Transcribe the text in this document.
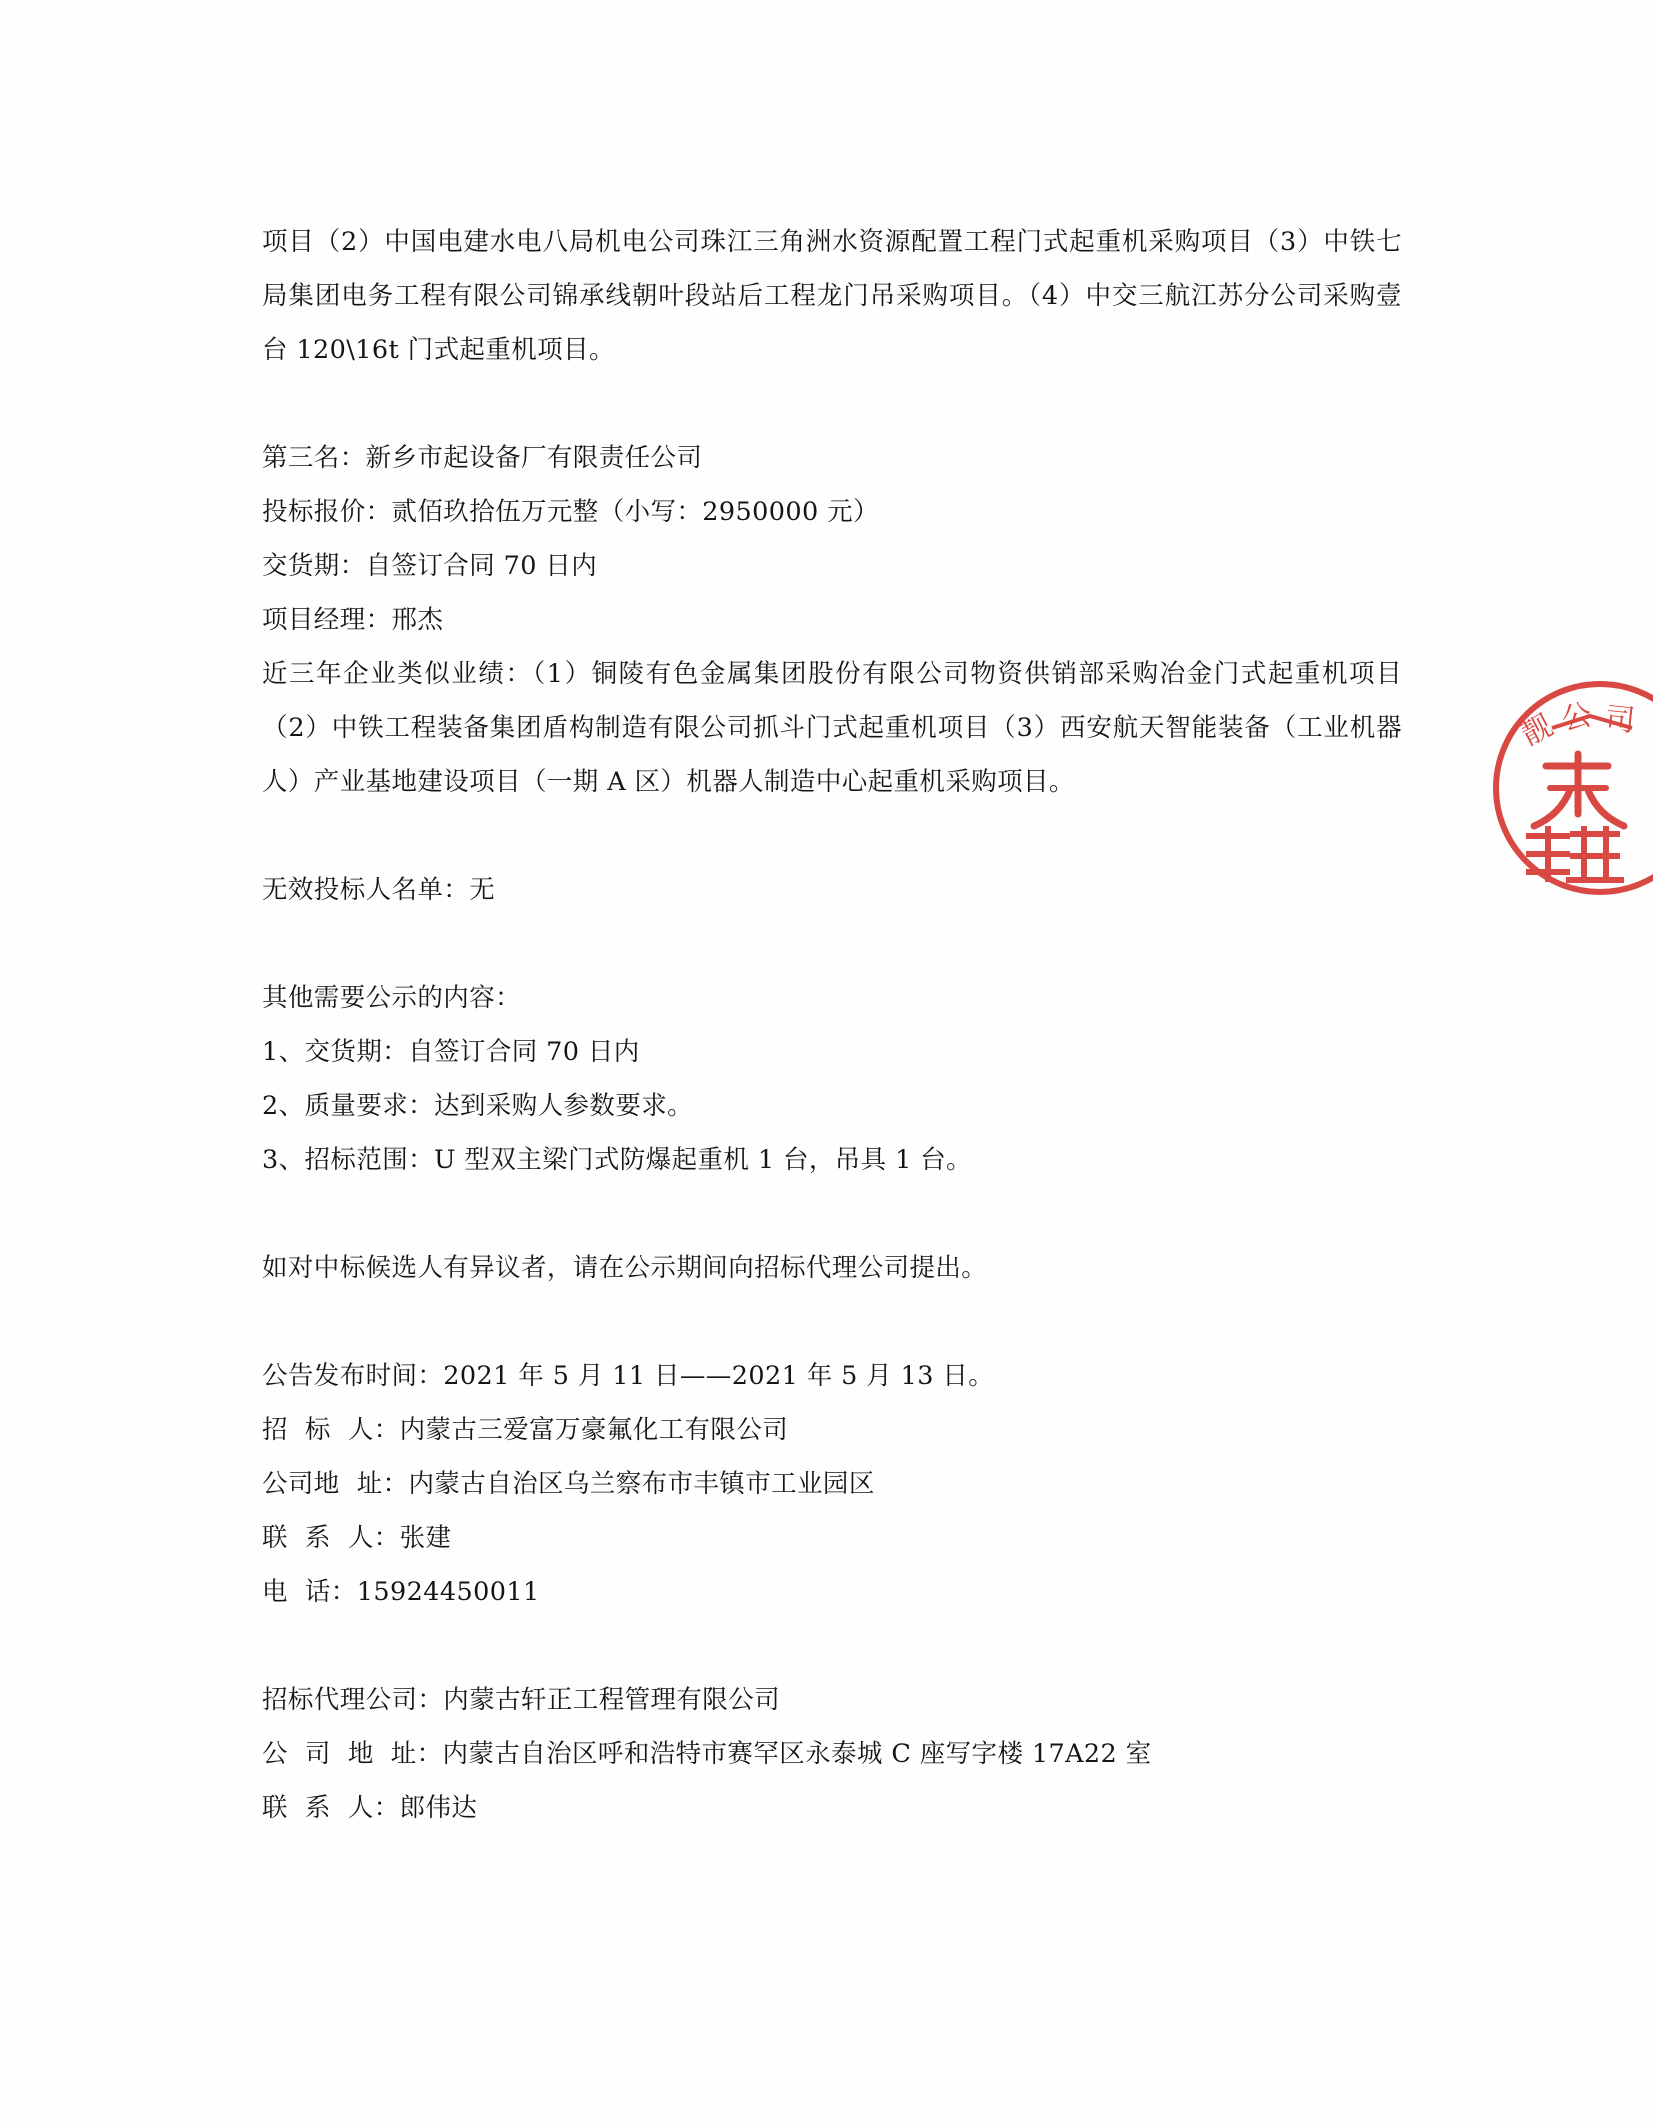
项目（2）中国电建水电八局机电公司珠江三角洲水资源配置工程门式起重机采购项目（3）中铁七局集团电务工程有限公司锦承线朝叶段站后工程龙门吊采购项目。（4）中交三航江苏分公司采购壹台 120\16t 门式起重机项目。

第三名：新乡市起设备厂有限责任公司
投标报价：贰佰玖拾伍万元整（小写：2950000 元）
交货期：自签订合同 70 日内
项目经理：邢杰
近三年企业类似业绩：（1）铜陵有色金属集团股份有限公司物资供销部采购冶金门式起重机项目（2）中铁工程装备集团盾构制造有限公司抓斗门式起重机项目（3）西安航天智能装备（工业机器人）产业基地建设项目（一期 A 区）机器人制造中心起重机采购项目。
无效投标人名单：无
其他需要公示的内容：
1、交货期：自签订合同 70 日内
2、质量要求：达到采购人参数要求。
3、招标范围：U 型双主梁门式防爆起重机 1 台，吊具 1 台。
如对中标候选人有异议者，请在公示期间向招标代理公司提出。
公告发布时间：2021 年 5 月 11 日——2021 年 5 月 13 日。
招  标  人：内蒙古三爱富万豪氟化工有限公司
公司地  址：内蒙古自治区乌兰察布市丰镇市工业园区
联  系  人：张建
电  话：15924450011
招标代理公司：内蒙古轩正工程管理有限公司
公  司  地  址：内蒙古自治区呼和浩特市赛罕区永泰城 C 座写字楼 17A22 室
联  系  人：郎伟达
靓 公 司
